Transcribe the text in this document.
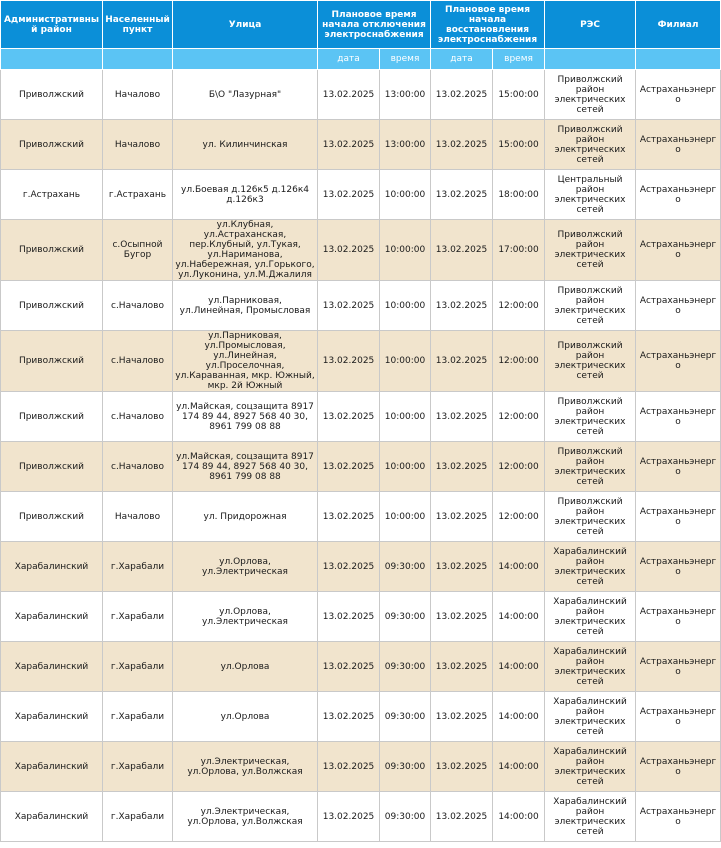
Административный район	Населенный пункт	Улица	Плановое время начала отключения электроснабжения		Плановое время начала восстановления электроснабжения		РЭС	Филиал
			дата	время	дата	время		
Приволжский	Началово	Б\О "Лазурная"	13.02.2025	13:00:00	13.02.2025	15:00:00	Приволжский район электрических сетей	Астраханьэнерго
Приволжский	Началово	ул. Килинчинская	13.02.2025	13:00:00	13.02.2025	15:00:00	Приволжский район электрических сетей	Астраханьэнерго
г.Астрахань	г.Астрахань	ул.Боевая д.126к5 д.126к4 д.126к3	13.02.2025	10:00:00	13.02.2025	18:00:00	Центральный район электрических сетей	Астраханьэнерго
Приволжский	с.Осыпной Бугор	ул.Клубная, ул.Астраханская, пер.Клубный, ул.Тукая, ул.Нариманова, ул.Набережная, ул.Горького, ул.Луконина, ул.М.Джалиля	13.02.2025	10:00:00	13.02.2025	17:00:00	Приволжский район электрических сетей	Астраханьэнерго
Приволжский	с.Началово	ул.Парниковая, ул.Линейная, Промысловая	13.02.2025	10:00:00	13.02.2025	12:00:00	Приволжский район электрических сетей	Астраханьэнерго
Приволжский	с.Началово	ул.Парниковая, ул.Промысловая, ул.Линейная, ул.Проселочная, ул.Караванная, мкр. Южный, мкр. 2й Южный	13.02.2025	10:00:00	13.02.2025	12:00:00	Приволжский район электрических сетей	Астраханьэнерго
Приволжский	с.Началово	ул.Майская, соцзащита 8917 174 89 44, 8927 568 40 30, 8961 799 08 88	13.02.2025	10:00:00	13.02.2025	12:00:00	Приволжский район электрических сетей	Астраханьэнерго
Приволжский	с.Началово	ул.Майская, соцзащита 8917 174 89 44, 8927 568 40 30, 8961 799 08 88	13.02.2025	10:00:00	13.02.2025	12:00:00	Приволжский район электрических сетей	Астраханьэнерго
Приволжский	Началово	ул. Придорожная	13.02.2025	10:00:00	13.02.2025	12:00:00	Приволжский район электрических сетей	Астраханьэнерго
Харабалинский	г.Харабали	ул.Орлова, ул.Электрическая	13.02.2025	09:30:00	13.02.2025	14:00:00	Харабалинский район электрических сетей	Астраханьэнерго
Харабалинский	г.Харабали	ул.Орлова, ул.Электрическая	13.02.2025	09:30:00	13.02.2025	14:00:00	Харабалинский район электрических сетей	Астраханьэнерго
Харабалинский	г.Харабали	ул.Орлова	13.02.2025	09:30:00	13.02.2025	14:00:00	Харабалинский район электрических сетей	Астраханьэнерго
Харабалинский	г.Харабали	ул.Орлова	13.02.2025	09:30:00	13.02.2025	14:00:00	Харабалинский район электрических сетей	Астраханьэнерго
Харабалинский	г.Харабали	ул.Электрическая, ул.Орлова, ул.Волжская	13.02.2025	09:30:00	13.02.2025	14:00:00	Харабалинский район электрических сетей	Астраханьэнерго
Харабалинский	г.Харабали	ул.Электрическая, ул.Орлова, ул.Волжская	13.02.2025	09:30:00	13.02.2025	14:00:00	Харабалинский район электрических сетей	Астраханьэнерго
